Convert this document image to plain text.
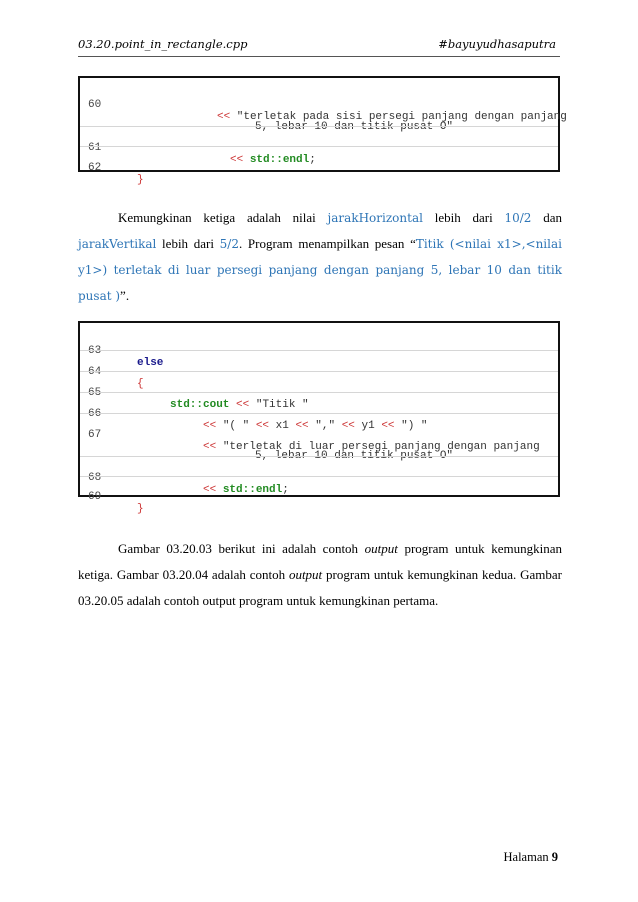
03.20.point_in_rectangle.cpp	#bayuyudhasaputra

60

<< "terletak pada sisi persegi panjang dengan panjang

5, lebar 10 dan titik pusat O"

61

<< std::endl;

62

}

Kemungkinan ketiga adalah nilai jarakHorizontal lebih dari 10/2 dan jarakVertikal lebih dari 5/2. Program menampilkan pesan “Titik (<nilai x1>,<nilai y1>) terletak di luar persegi panjang dengan panjang 5, lebar 10 dan titik pusat )”.

63

else

64

{

65

std::cout << "Titik "

66

<< "( " << x1 << "," << y1 << ") "

67

<< "terletak di luar persegi panjang dengan panjang

5, lebar 10 dan titik pusat O"

68

<< std::endl;

69

}

Gambar 03.20.03 berikut ini adalah contoh output program untuk kemungkinan ketiga. Gambar 03.20.04 adalah contoh output program untuk kemungkinan kedua. Gambar 03.20.05 adalah contoh output program untuk kemungkinan pertama.
Halaman 9
